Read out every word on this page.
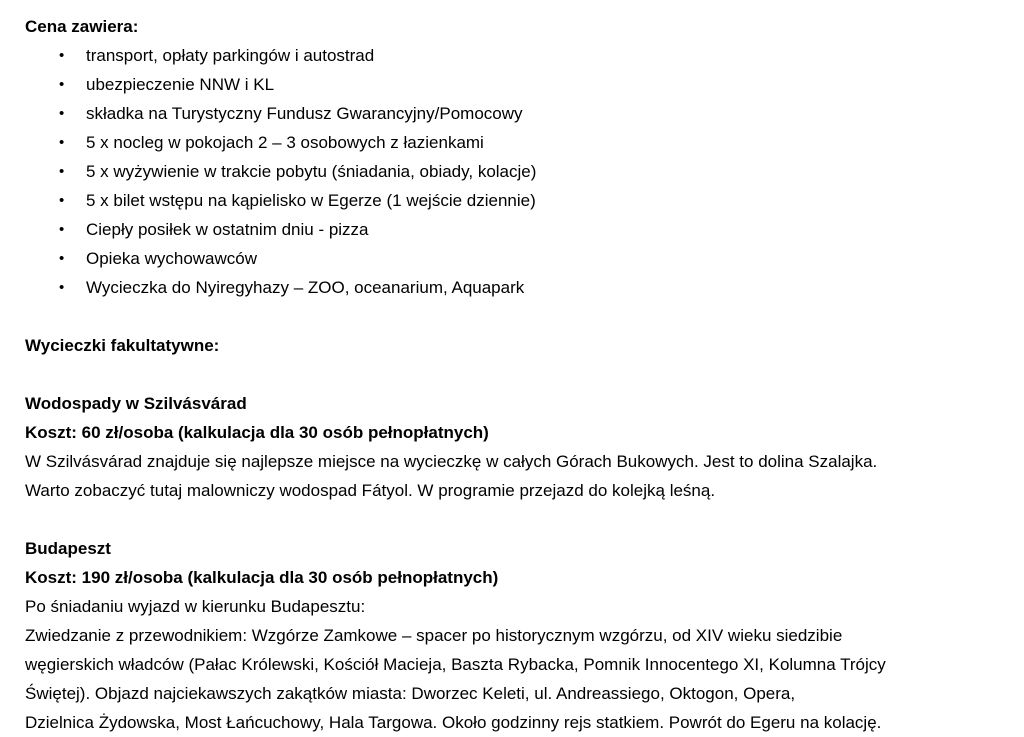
Cena zawiera:
• transport, opłaty parkingów i autostrad
• ubezpieczenie NNW i KL
• składka na Turystyczny Fundusz Gwarancyjny/Pomocowy
• 5 x nocleg w pokojach 2 – 3 osobowych z łazienkami
• 5 x wyżywienie w trakcie pobytu (śniadania, obiady, kolacje)
• 5 x bilet wstępu na kąpielisko w Egerze (1 wejście dziennie)
• Ciepły posiłek w ostatnim dniu - pizza
• Opieka wychowawców
• Wycieczka do Nyiregyhazy – ZOO, oceanarium, Aquapark
Wycieczki fakultatywne:
Wodospady w Szilvásvárad
Koszt: 60 zł/osoba (kalkulacja dla 30 osób pełnopłatnych)
W Szilvásvárad znajduje się najlepsze miejsce na wycieczkę w całych Górach Bukowych. Jest to dolina Szalajka.
Warto zobaczyć tutaj malowniczy wodospad Fátyol. W programie przejazd do kolejką leśną.
Budapeszt
Koszt: 190 zł/osoba (kalkulacja dla 30 osób pełnopłatnych)
Po śniadaniu wyjazd w kierunku Budapesztu:
Zwiedzanie z przewodnikiem: Wzgórze Zamkowe – spacer po historycznym wzgórzu, od XIV wieku siedzibie
węgierskich władców (Pałac Królewski, Kościół Macieja, Baszta Rybacka, Pomnik Innocentego XI, Kolumna Trójcy
Świętej). Objazd najciekawszych zakątków miasta: Dworzec Keleti, ul. Andreassiego, Oktogon, Opera,
Dzielnica Żydowska, Most Łańcuchowy, Hala Targowa. Około godzinny rejs statkiem. Powrót do Egeru na kolację.
